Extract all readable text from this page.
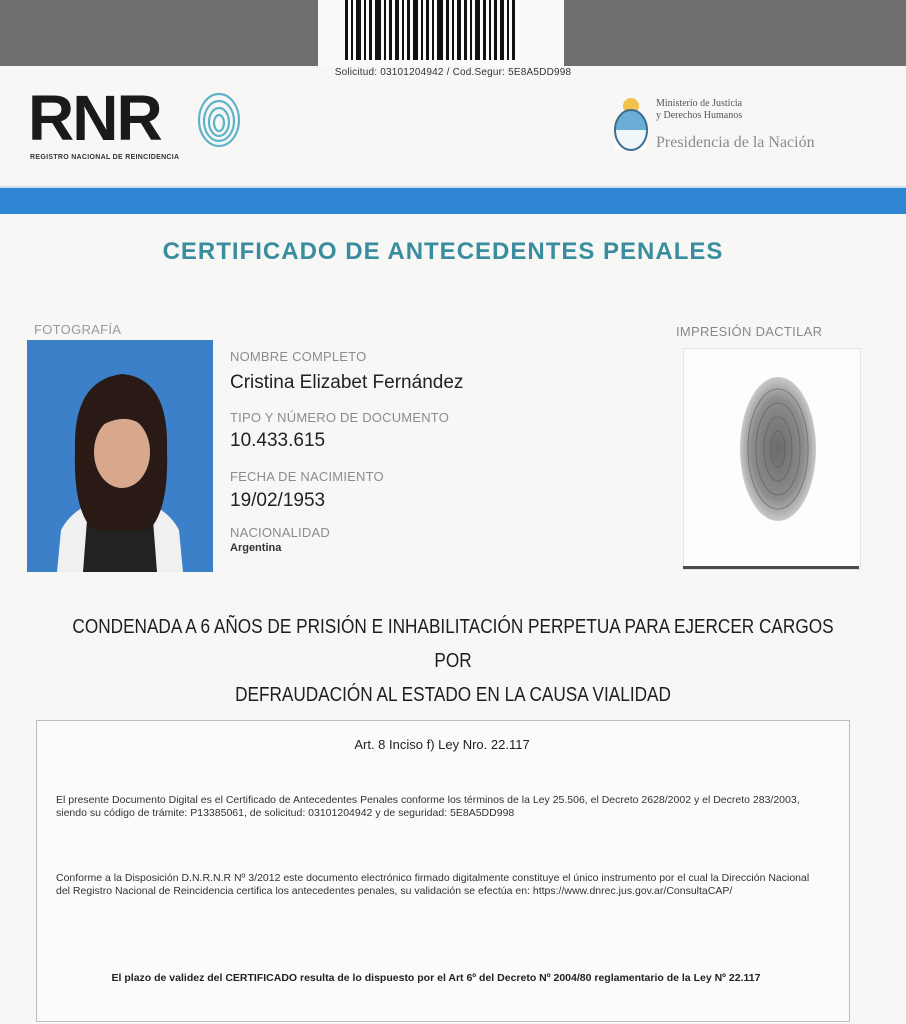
Solicitud: 03101204942 / Cod.Segur: 5E8A5DD998
RNR
REGISTRO NACIONAL DE REINCIDENCIA
Ministerio de Justicia
y Derechos Humanos
Presidencia de la Nación
CERTIFICADO DE ANTECEDENTES PENALES
FOTOGRAFÍA
NOMBRE COMPLETO
Cristina Elizabet Fernández
TIPO Y NÚMERO DE DOCUMENTO
10.433.615
FECHA DE NACIMIENTO
19/02/1953
NACIONALIDAD
Argentina
IMPRESIÓN DACTILAR
CONDENADA A 6 AÑOS DE PRISIÓN E INHABILITACIÓN PERPETUA PARA EJERCER CARGOS POR
DEFRAUDACIÓN AL ESTADO EN LA CAUSA VIALIDAD
Art. 8 Inciso f) Ley Nro. 22.117
El presente Documento Digital es el Certificado de Antecedentes Penales conforme los términos de la Ley 25.506, el Decreto 2628/2002 y el Decreto 283/2003, siendo su código de trámite: P13385061, de solicitud: 03101204942 y de seguridad: 5E8A5DD998
Conforme a la Disposición D.N.R.N.R Nº 3/2012 este documento electrónico firmado digitalmente constituye el único instrumento por el cual la Dirección Nacional del Registro Nacional de Reincidencia certifica los antecedentes penales, su validación se efectúa en: https://www.dnrec.jus.gov.ar/ConsultaCAP/
El plazo de validez del CERTIFICADO resulta de lo dispuesto por el Art 6º del Decreto Nº 2004/80 reglamentario de la Ley Nº 22.117
